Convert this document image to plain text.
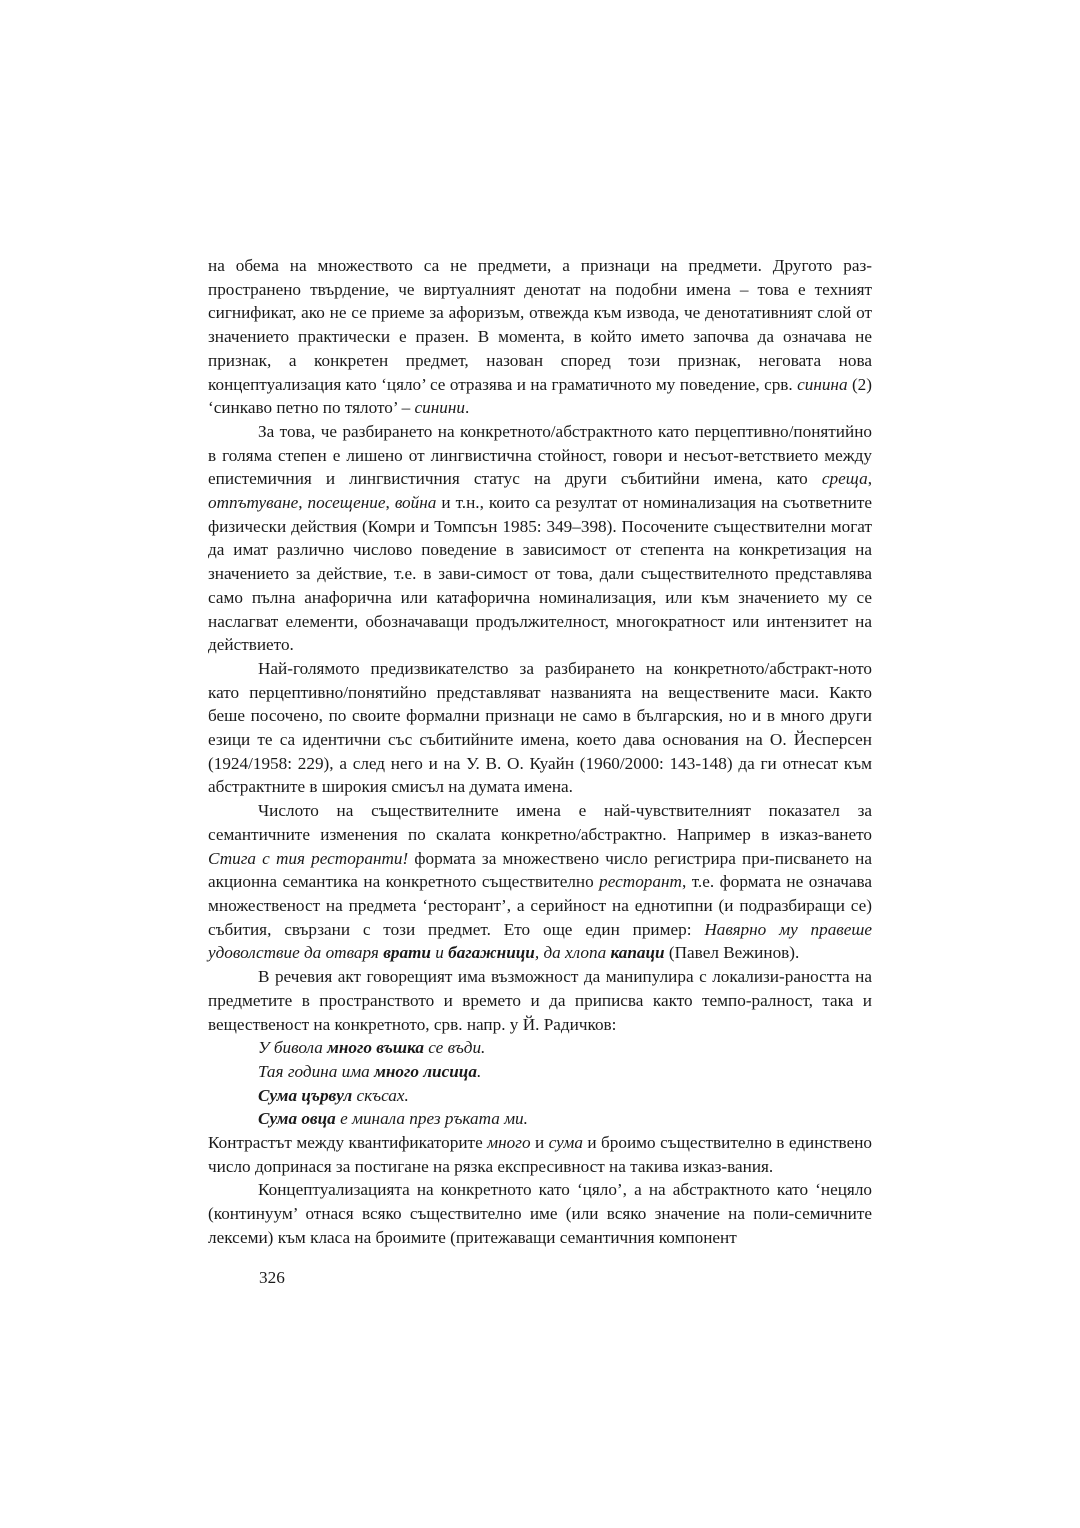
на обема на множеството са не предмети, а признаци на предмети. Другото раз-пространено твърдение, че виртуалният денотат на подобни имена – това е техният сигнификат, ако не се приеме за афоризъм, отвежда към извода, че денотативният слой от значението практически е празен. В момента, в който името започва да означава не признак, а конкретен предмет, назован според този признак, неговата нова концептуализация като ‘цяло’ се отразява и на граматичното му поведение, срв. синина (2) ‘синкаво петно по тялото’ – синини.

За това, че разбирането на конкретното/абстрактното като перцептивно/понятийно в голяма степен е лишено от лингвистична стойност, говори и несъот-ветствието между епистемичния и лингвистичния статус на други събитийни имена, като среща, отпътуване, посещение, война и т.н., които са резултат от номинализация на съответните физически действия (Комри и Томпсън 1985: 349–398). Посочените съществителни могат да имат различно числово поведение в зависимост от степента на конкретизация на значението за действие, т.е. в зави-симост от това, дали съществителното представлява само пълна анафорична или катафорична номинализация, или към значението му се наслагват елементи, обозначаващи продължителност, многократност или интензитет на действието.

Най-голямото предизвикателство за разбирането на конкретното/абстракт-ното като перцептивно/понятийно представляват названията на веществените маси. Както беше посочено, по своите формални признаци не само в българския, но и в много други езици те са идентични със събитийните имена, което дава основания на О. Йесперсен (1924/1958: 229), а след него и на У. В. О. Куайн (1960/2000: 143-148) да ги отнесат към абстрактните в широкия смисъл на думата имена.

Числото на съществителните имена е най-чувствителният показател за семантичните изменения по скалата конкретно/абстрактно. Например в изказ-ването Стига с тия ресторанти! формата за множествено число регистрира при-писването на акционна семантика на конкретното съществително ресторант, т.е. формата не означава множественост на предмета ‘ресторант’, а серийност на еднотипни (и подразбиращи се) събития, свързани с този предмет. Ето още един пример: Навярно му правеше удоволствие да отваря врати и багажници, да хлопа капаци (Павел Вежинов).

В речевия акт говорещият има възможност да манипулира с локализи-раността на предметите в пространството и времето и да приписва както темпо-ралност, така и вещественост на конкретното, срв. напр. у Й. Радичков:

У бивола много въшка се въди.

Тая година има много лисица.

Сума цървул скъсах.

Сума овца е минала през ръката ми.

Контрастът между квантификаторите много и сума и броимо съществително в единствено число допринася за постигане на рязка експресивност на такива изказ-вания.

Концептуализацията на конкретното като ‘цяло’, а на абстрактното като ‘нецяло (континуум’ отнася всяко съществително име (или всяко значение на поли-семичните лексеми) към класа на броимите (притежаващи семантичния компонент

326
